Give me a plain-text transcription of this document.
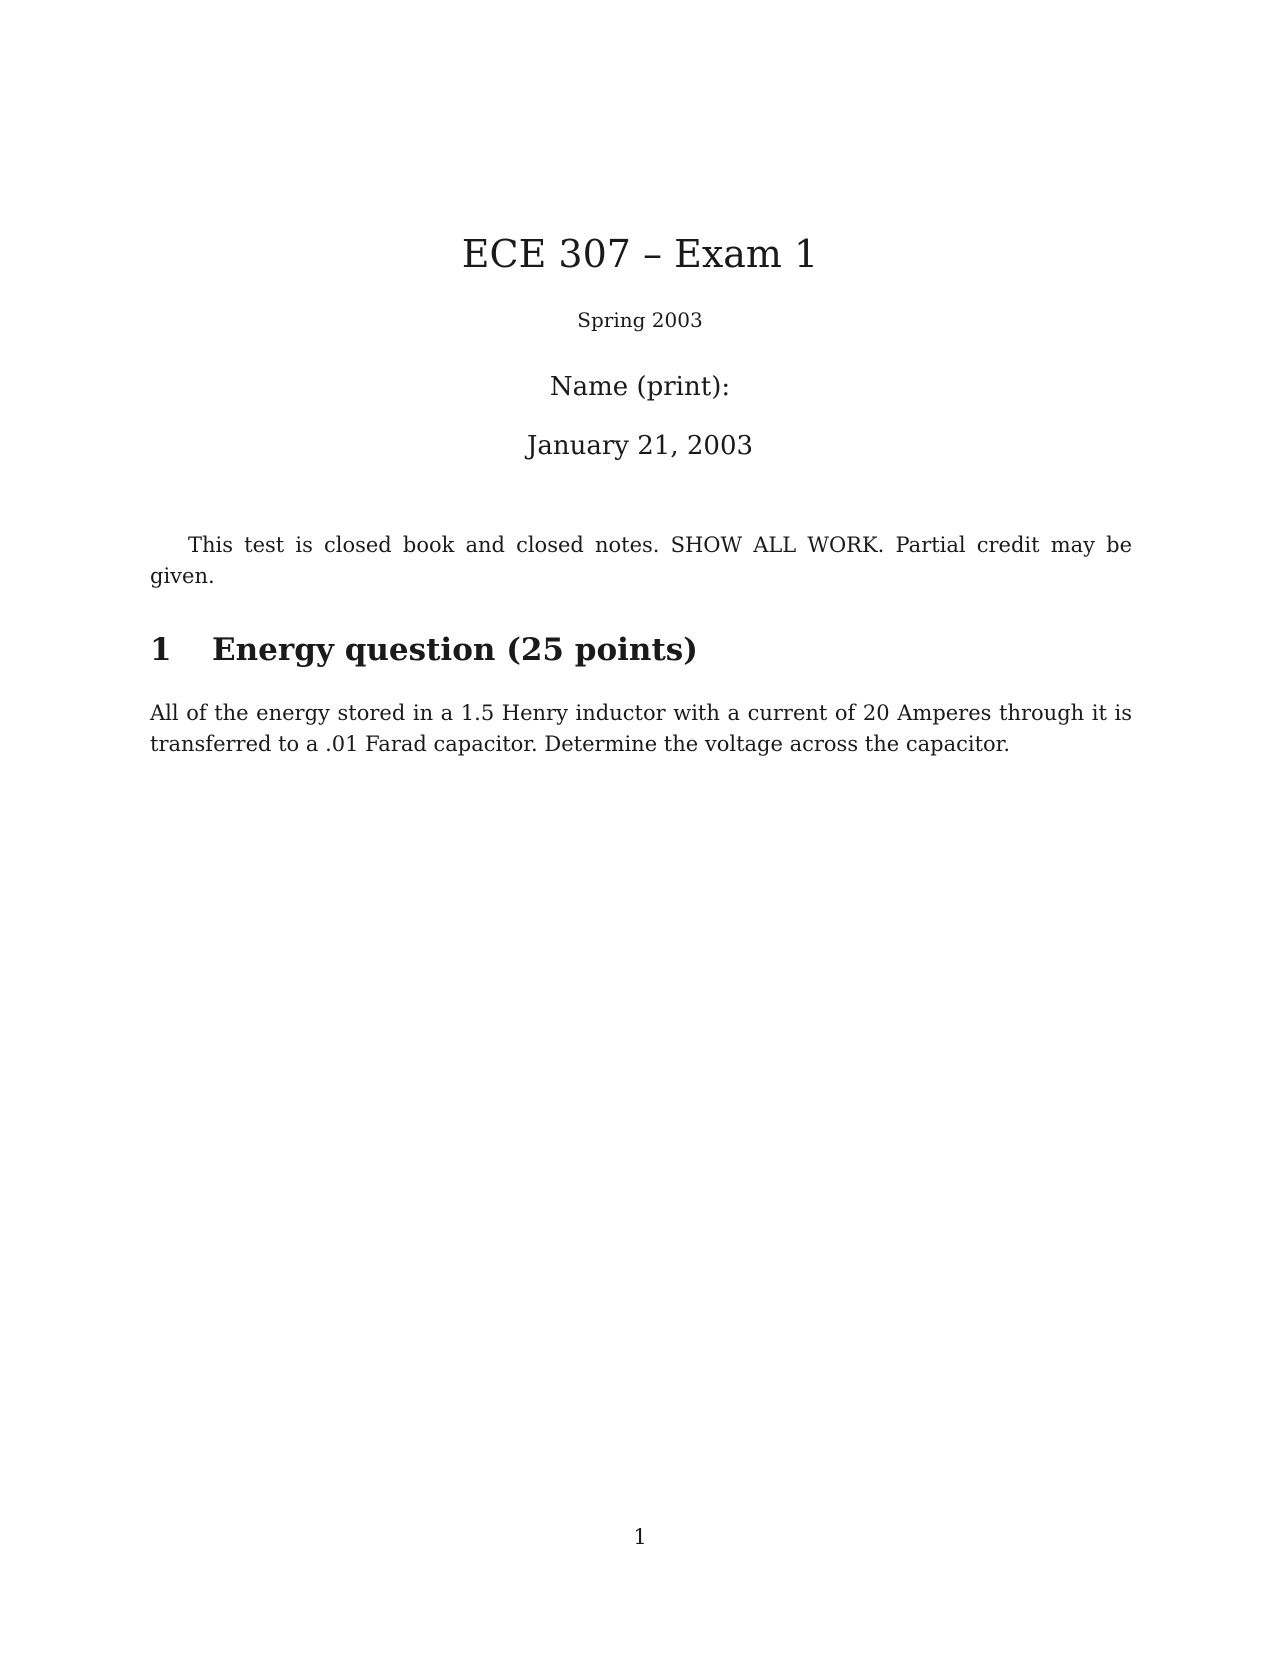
ECE 307 – Exam 1
Spring 2003
Name (print):
January 21, 2003

This test is closed book and closed notes. SHOW ALL WORK. Partial credit may be given.

1 Energy question (25 points)

All of the energy stored in a 1.5 Henry inductor with a current of 20 Amperes through it is transferred to a .01 Farad capacitor. Determine the voltage across the capacitor.

1
